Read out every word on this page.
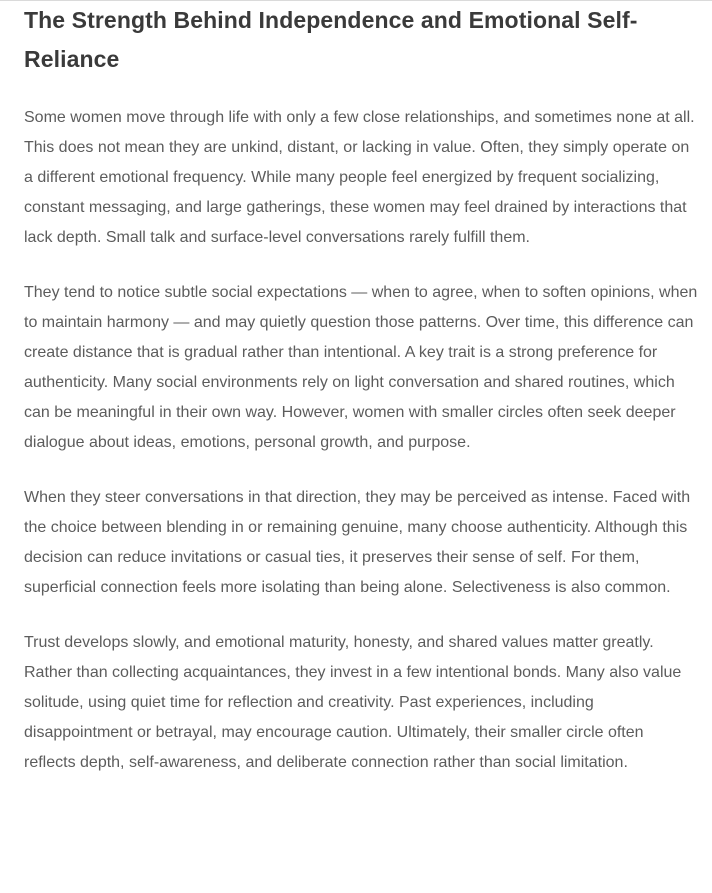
The Strength Behind Independence and Emotional Self-Reliance

Some women move through life with only a few close relationships, and sometimes none at all. This does not mean they are unkind, distant, or lacking in value. Often, they simply operate on a different emotional frequency. While many people feel energized by frequent socializing, constant messaging, and large gatherings, these women may feel drained by interactions that lack depth. Small talk and surface-level conversations rarely fulfill them.

They tend to notice subtle social expectations — when to agree, when to soften opinions, when to maintain harmony — and may quietly question those patterns. Over time, this difference can create distance that is gradual rather than intentional. A key trait is a strong preference for authenticity. Many social environments rely on light conversation and shared routines, which can be meaningful in their own way. However, women with smaller circles often seek deeper dialogue about ideas, emotions, personal growth, and purpose.

When they steer conversations in that direction, they may be perceived as intense. Faced with the choice between blending in or remaining genuine, many choose authenticity. Although this decision can reduce invitations or casual ties, it preserves their sense of self. For them, superficial connection feels more isolating than being alone. Selectiveness is also common.

Trust develops slowly, and emotional maturity, honesty, and shared values matter greatly. Rather than collecting acquaintances, they invest in a few intentional bonds. Many also value solitude, using quiet time for reflection and creativity. Past experiences, including disappointment or betrayal, may encourage caution. Ultimately, their smaller circle often reflects depth, self-awareness, and deliberate connection rather than social limitation.
